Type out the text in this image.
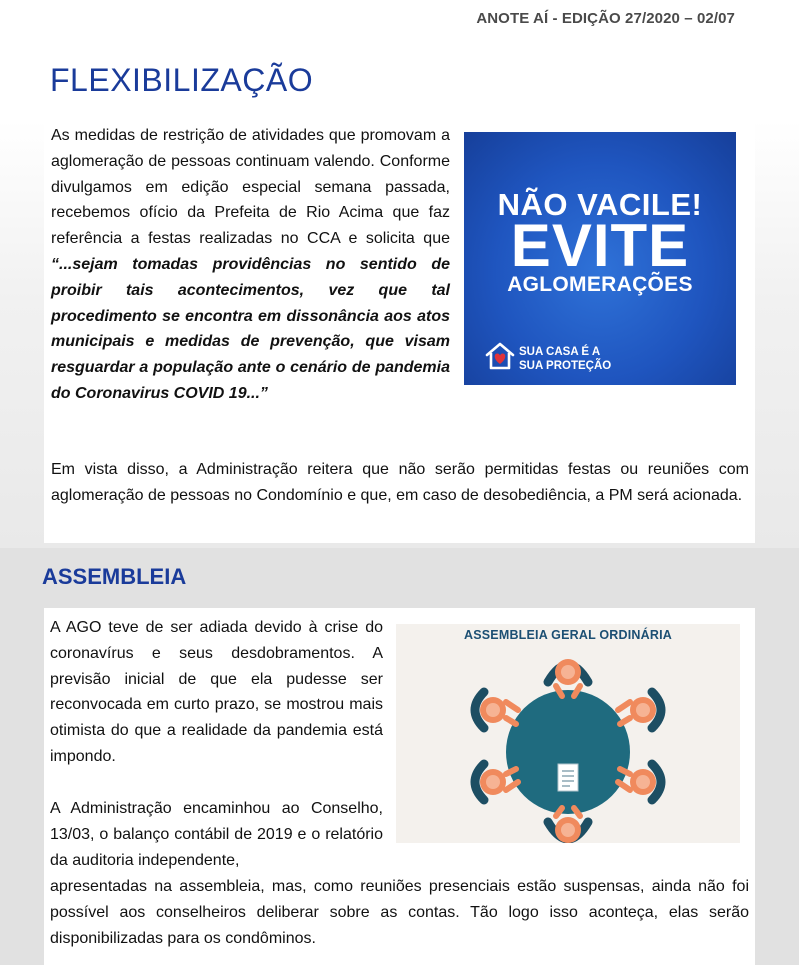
ANOTE AÍ - EDIÇÃO 27/2020 – 02/07
FLEXIBILIZAÇÃO

As medidas de restrição de atividades que promovam a aglomeração de pessoas continuam valendo. Conforme divulgamos em edição especial semana passada, recebemos ofício da Prefeita de Rio Acima que faz referência a festas realizadas no CCA e solicita que “...sejam tomadas providências no sentido de proibir tais acontecimentos, vez que tal procedimento se encontra em dissonância aos atos municipais e medidas de prevenção, que visam resguardar a população ante o cenário de pandemia do Coronavirus COVID 19...”

NÃO VACILE!
EVITE
AGLOMERAÇÕES
SUA CASA É A
SUA PROTEÇÃO

Em vista disso, a Administração reitera que não serão permitidas festas ou reuniões com aglomeração de pessoas no Condomínio e que, em caso de desobediência, a PM será acionada.

ASSEMBLEIA

A AGO teve de ser adiada devido à crise do coronavírus e seus desdobramentos. A previsão inicial de que ela pudesse ser reconvocada em curto prazo, se mostrou mais otimista do que a realidade da pandemia está impondo.

A Administração encaminhou ao Conselho, 13/03, o balanço contábil de 2019 e o relatório da auditoria independente,

apresentadas na assembleia, mas, como reuniões presenciais estão suspensas, ainda não foi possível aos conselheiros deliberar sobre as contas. Tão logo isso aconteça, elas serão disponibilizadas para os condôminos.

ASSEMBLEIA GERAL ORDINÁRIA
